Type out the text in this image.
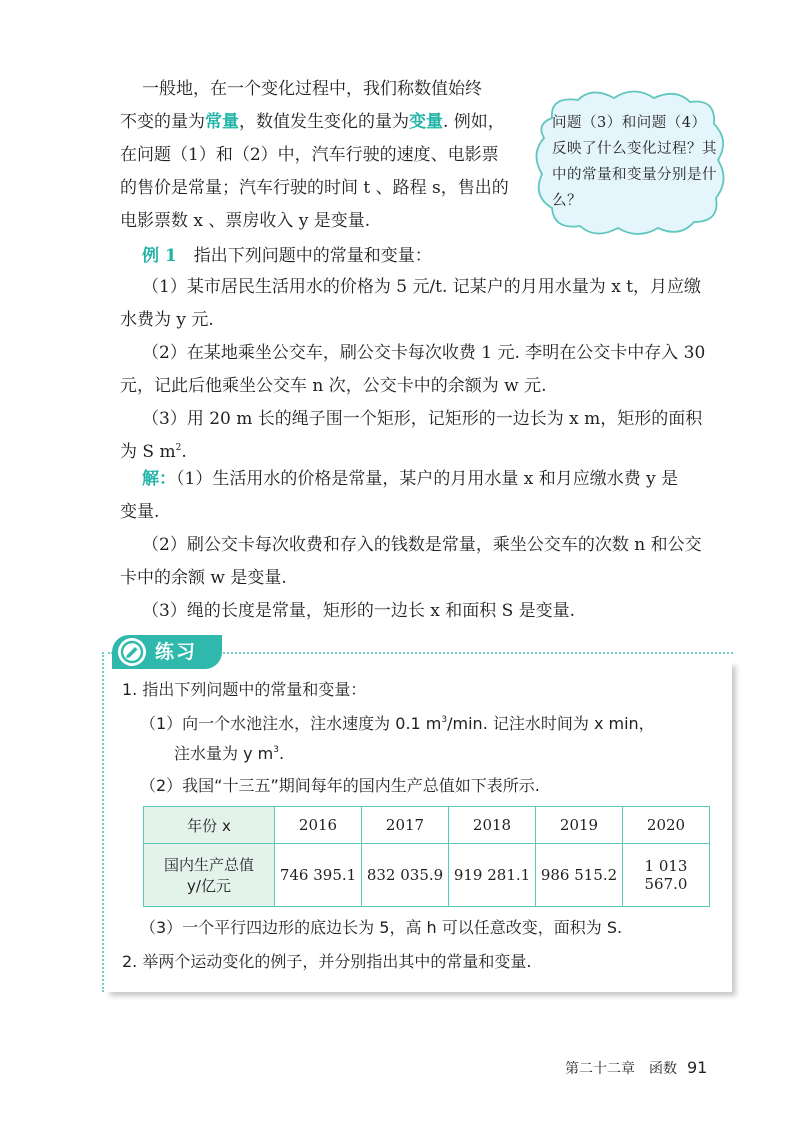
一般地，在一个变化过程中，我们称数值始终
不变的量为常量，数值发生变化的量为变量. 例如，
在问题（1）和（2）中，汽车行驶的速度、电影票
的售价是常量；汽车行驶的时间 t 、路程 s，售出的
电影票数 x 、票房收入 y 是变量.
问题（3）和问题（4）反映了什么变化过程？其中的常量和变量分别是什么？
例 1　 指出下列问题中的常量和变量：
（1）某市居民生活用水的价格为 5 元/t. 记某户的月用水量为 x t，月应缴
水费为 y 元.
（2）在某地乘坐公交车，刷公交卡每次收费 1 元. 李明在公交卡中存入 30
元，记此后他乘坐公交车 n 次，公交卡中的余额为 w 元.
（3）用 20 m 长的绳子围一个矩形，记矩形的一边长为 x m，矩形的面积
为 S $m^2$.
解：（1）生活用水的价格是常量，某户的月用水量 x 和月应缴水费 y 是
变量.
（2）刷公交卡每次收费和存入的钱数是常量，乘坐公交车的次数 n 和公交
卡中的余额 w 是变量.
（3）绳的长度是常量，矩形的一边长 x 和面积 S 是变量.
练习
1. 指出下列问题中的常量和变量：
（1）向一个水池注水，注水速度为 0.1 $m^3/\min$. 记注水时间为 x min，
注水量为 y $m^3$.
（2）我国“十三五”期间每年的国内生产总值如下表所示.
年份 x	2016	2017	2018	2019	2020

国内生产总值
y/亿元	746 395.1	832 035.9	919 281.1	986 515.2	1 013 567.0
（3）一个平行四边形的底边长为 5，高 h 可以任意改变，面积为 S.
2. 举两个运动变化的例子，并分别指出其中的常量和变量.
第二十二章　函数 91
